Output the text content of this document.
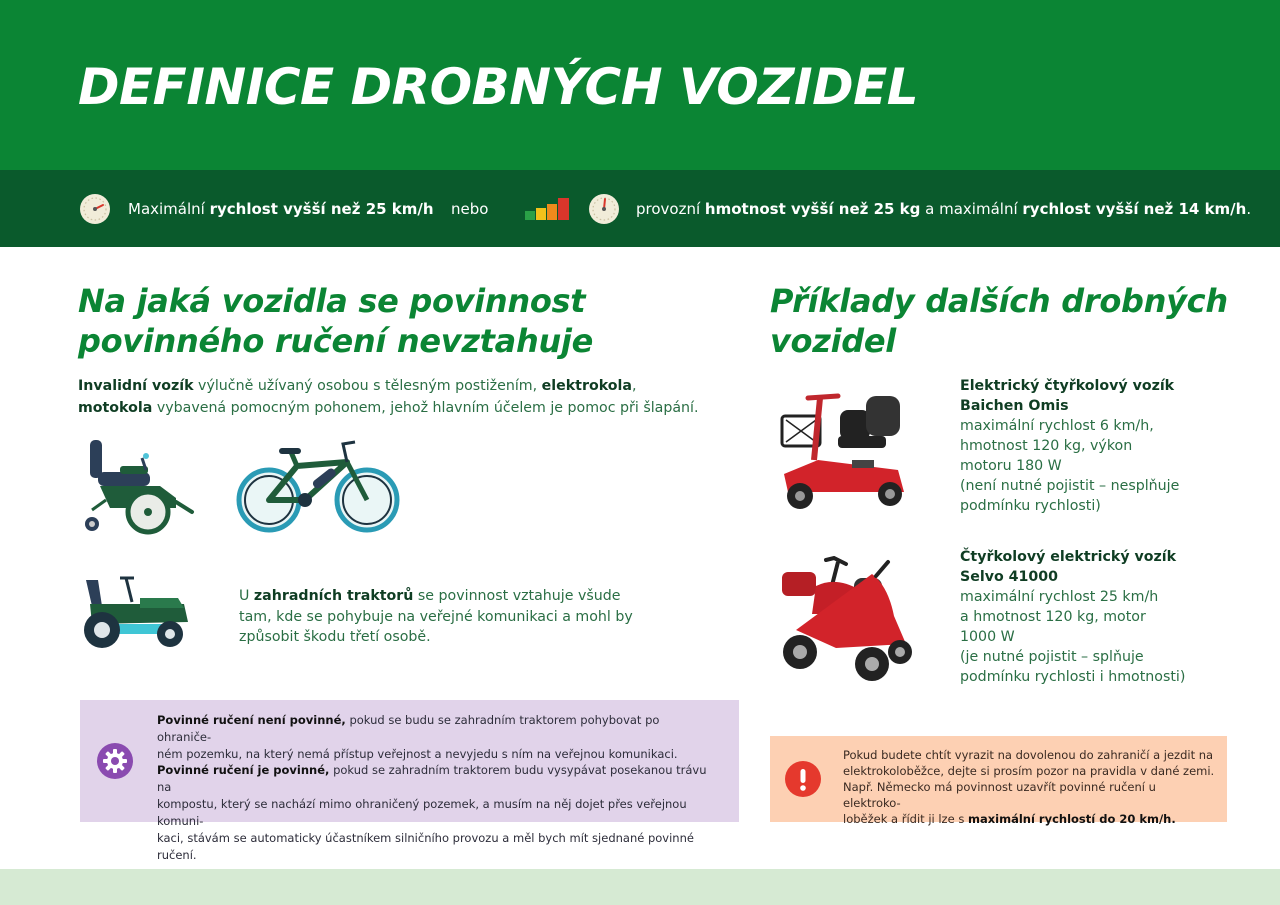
DEFINICE DROBNÝCH VOZIDEL
Maximální rychlost vyšší než 25 km/h nebo	provozní hmotnost vyšší než 25 kg a maximální rychlost vyšší než 14 km/h.
Na jaká vozidla se povinnost
povinného ručení nevztahuje
Invalidní vozík výlučně užívaný osobou s tělesným postižením, elektrokola,
motokola vybavená pomocným pohonem, jehož hlavním účelem je pomoc při šlapání.
U zahradních traktorů se povinnost vztahuje všude
tam, kde se pohybuje na veřejné komunikaci a mohl by
způsobit škodu třetí osobě.
Povinné ručení není povinné, pokud se budu se zahradním traktorem pohybovat po ohraniče-
ném pozemku, na který nemá přístup veřejnost a nevyjedu s ním na veřejnou komunikaci.
Povinné ručení je povinné, pokud se zahradním traktorem budu vysypávat posekanou trávu na
kompostu, který se nachází mimo ohraničený pozemek, a musím na něj dojet přes veřejnou komuni-
kaci, stávám se automaticky účastníkem silničního provozu a měl bych mít sjednané povinné ručení.
Příklady dalších drobných
vozidel
Elektrický čtyřkolový vozík
Baichen Omis
maximální rychlost 6 km/h,
hmotnost 120 kg, výkon
motoru 180 W
(není nutné pojistit – nesplňuje
podmínku rychlosti)
Čtyřkolový elektrický vozík
Selvo 41000
maximální rychlost 25 km/h
a hmotnost 120 kg, motor
1000 W
(je nutné pojistit – splňuje
podmínku rychlosti i hmotnosti)
Pokud budete chtít vyrazit na dovolenou do zahraničí a jezdit na
elektrokoloběžce, dejte si prosím pozor na pravidla v dané zemi.
Např. Německo má povinnost uzavřít povinné ručení u elektroko-
loběžek a řídit ji lze s maximální rychlostí do 20 km/h.
